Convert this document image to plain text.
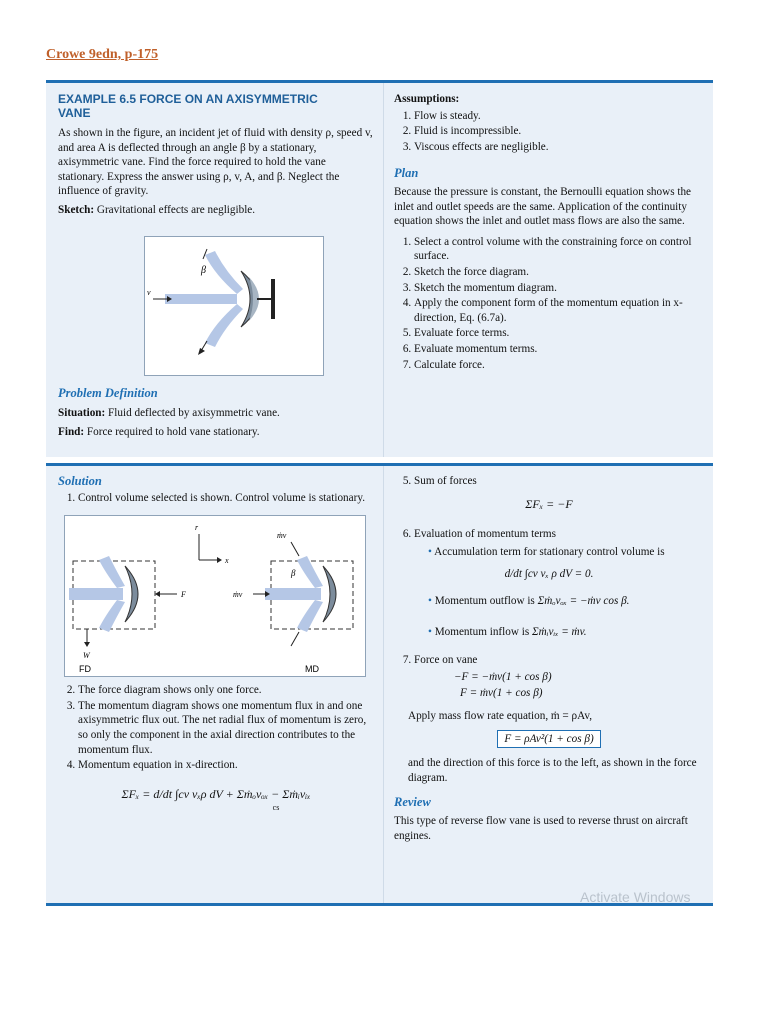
Crowe 9edn, p-175
EXAMPLE 6.5 FORCE ON AN AXISYMMETRIC
VANE

As shown in the figure, an incident jet of fluid with density ρ, speed v, and area A is deflected through an angle β by a stationary, axisymmetric vane. Find the force required to hold the vane stationary. Express the answer using ρ, v, A, and β. Neglect the influence of gravity.

Sketch: Gravitational effects are negligible.

v
β
Problem Definition

Situation: Fluid deflected by axisymmetric vane.

Find: Force required to hold vane stationary.

Assumptions:
1. Flow is steady.
2. Fluid is incompressible.
3. Viscous effects are negligible.
Plan

Because the pressure is constant, the Bernoulli equation shows the inlet and outlet speeds are the same. Application of the continuity equation shows the inlet and outlet mass flows are also the same.

1. Select a control volume with the constraining force on control surface.
2. Sketch the force diagram.
3. Sketch the momentum diagram.
4. Apply the component form of the momentum equation in x-direction, Eq. (6.7a).
5. Evaluate force terms.
6. Evaluate momentum terms.
7. Calculate force.
Solution
1. Control volume selected is shown. Control volume is stationary.
F
W
FD
r
x
ṁv
ṁv
β
MD
2. The force diagram shows only one force.
3. The momentum diagram shows one momentum flux in and one axisymmetric flux out. The net radial flux of momentum is zero, so only the component in the axial direction contributes to the momentum flux.
4. Momentum equation in x-direction.
ΣFₓ = d/dt ∫cv vₓρ dV + Σṁₒvₒₓ − Σṁᵢvᵢₓ
cs
5. Sum of forces
ΣFₓ = −F
6. Evaluation of momentum terms
• Accumulation term for stationary control volume is
d/dt ∫cv vₓ ρ dV = 0.
• Momentum outflow is Σṁₒvₒₓ = −ṁv cos β.
• Momentum inflow is Σṁᵢvᵢₓ = ṁv.
7. Force on vane
−F = −ṁv(1 + cos β)
F = ṁv(1 + cos β)

Apply mass flow rate equation, ṁ = ρAv,

F = ρAv²(1 + cos β)

and the direction of this force is to the left, as shown in the force diagram.

Review

This type of reverse flow vane is used to reverse thrust on aircraft engines.

Activate Windows
